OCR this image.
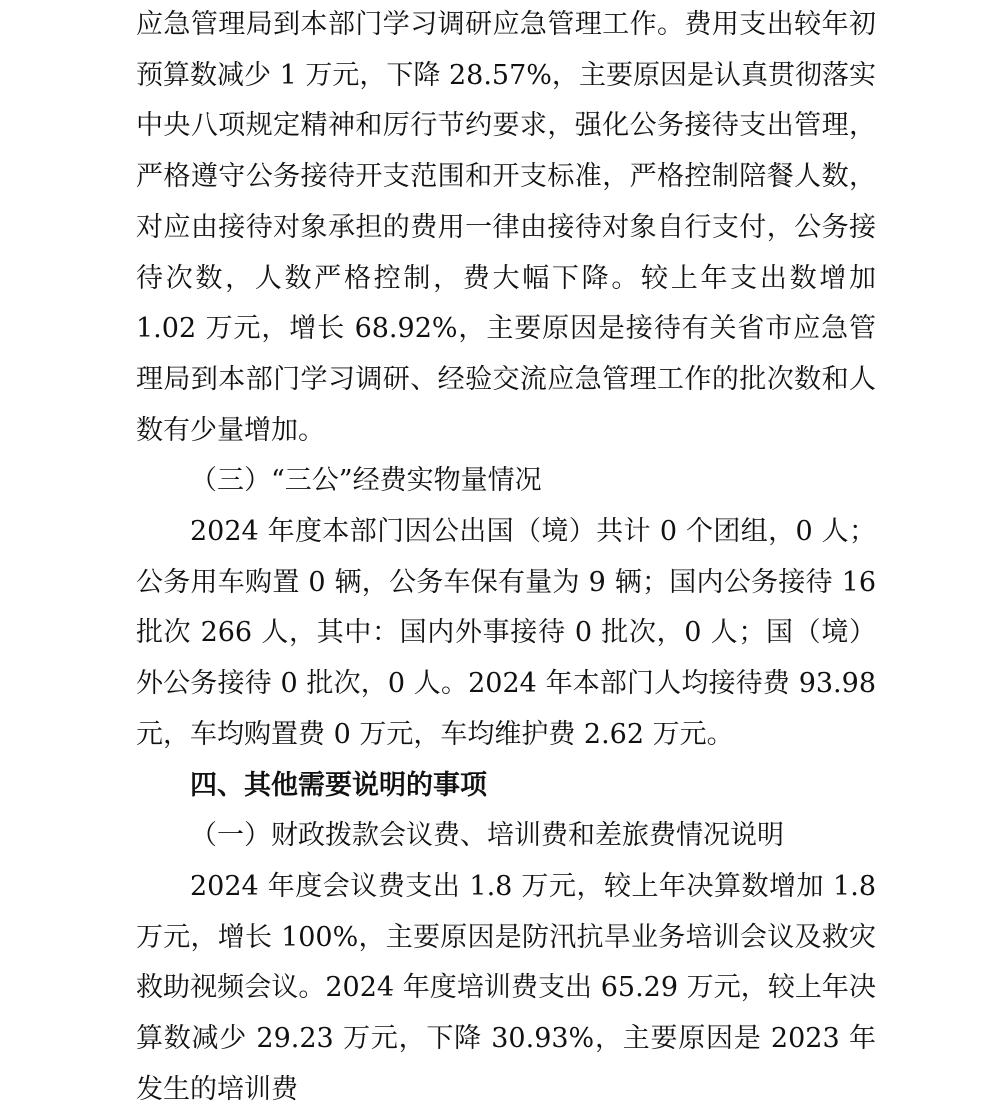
应急管理局到本部门学习调研应急管理工作。费用支出较年初预算数减少 1 万元，下降 28.57%，主要原因是认真贯彻落实中央八项规定精神和厉行节约要求，强化公务接待支出管理，严格遵守公务接待开支范围和开支标准，严格控制陪餐人数，对应由接待对象承担的费用一律由接待对象自行支付，公务接待次数，人数严格控制，费大幅下降。较上年支出数增加 1.02 万元，增长 68.92%，主要原因是接待有关省市应急管理局到本部门学习调研、经验交流应急管理工作的批次数和人数有少量增加。

（三）“三公”经费实物量情况

2024 年度本部门因公出国（境）共计 0 个团组，0 人；公务用车购置 0 辆，公务车保有量为 9 辆；国内公务接待 16 批次 266 人，其中：国内外事接待 0 批次，0 人；国（境）外公务接待 0 批次，0 人。2024 年本部门人均接待费 93.98 元，车均购置费 0 万元，车均维护费 2.62 万元。

四、其他需要说明的事项

（一）财政拨款会议费、培训费和差旅费情况说明

2024 年度会议费支出 1.8 万元，较上年决算数增加 1.8 万元，增长 100%，主要原因是防汛抗旱业务培训会议及救灾救助视频会议。2024 年度培训费支出 65.29 万元，较上年决算数减少 29.23 万元，下降 30.93%，主要原因是 2023 年发生的培训费
